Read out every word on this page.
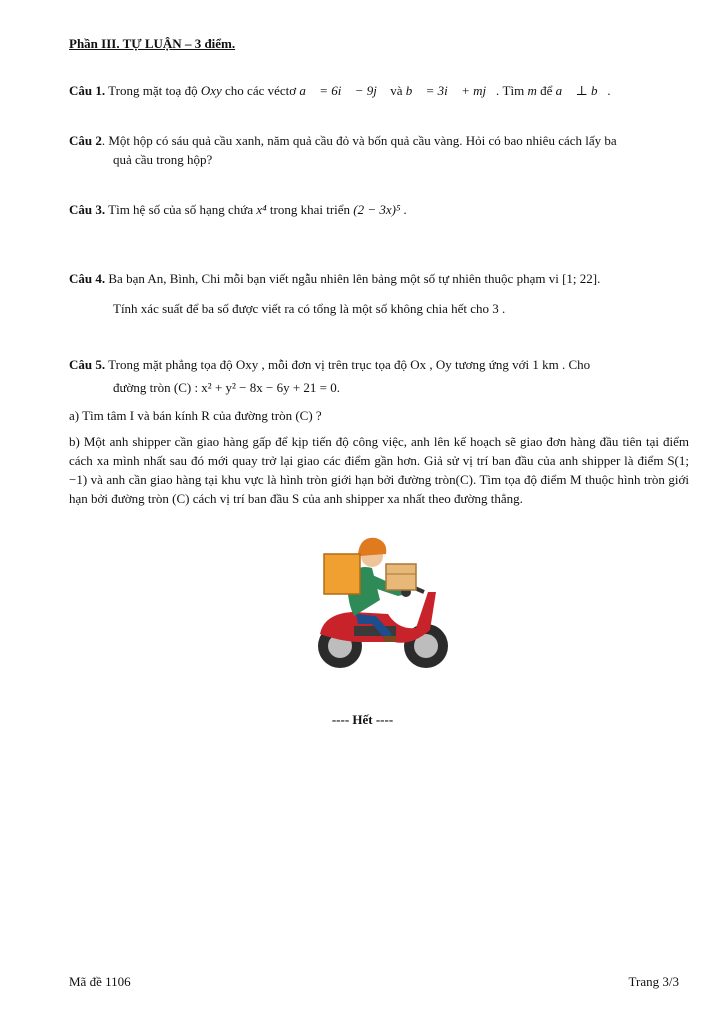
Phần III. TỰ LUẬN – 3 điểm.
Câu 1. Trong mặt toạ độ Oxy cho các véctơ a⃗ = 6i⃗ − 9j⃗ và b⃗ = 3i⃗ + mj⃗. Tìm m để a⃗ ⊥ b⃗.
Câu 2. Một hộp có sáu quả cầu xanh, năm quả cầu đỏ và bốn quả cầu vàng. Hỏi có bao nhiêu cách lấy ba
quả cầu trong hộp?
Câu 3. Tìm hệ số của số hạng chứa x⁴ trong khai triển (2 − 3x)⁵ .
Câu 4. Ba bạn An, Bình, Chi mỗi bạn viết ngẫu nhiên lên bảng một số tự nhiên thuộc phạm vi [1; 22].
Tính xác suất để ba số được viết ra có tổng là một số không chia hết cho 3 .
Câu 5. Trong mặt phẳng tọa độ Oxy , mỗi đơn vị trên trục tọa độ Ox , Oy tương ứng với 1 km . Cho
đường tròn (C) : x² + y² − 8x − 6y + 21 = 0.
a) Tìm tâm I và bán kính R của đường tròn (C) ?
b) Một anh shipper cần giao hàng gấp để kịp tiến độ công việc, anh lên kế hoạch sẽ giao đơn hàng đầu tiên tại điểm cách xa mình nhất sau đó mới quay trở lại giao các điểm gần hơn. Giả sử vị trí ban đầu của anh shipper là điểm S(1; −1) và anh cần giao hàng tại khu vực là hình tròn giới hạn bởi đường tròn(C). Tìm tọa độ điểm M thuộc hình tròn giới hạn bởi đường tròn (C) cách vị trí ban đầu S của anh shipper xa nhất theo đường thẳng.
---- Hết ----
Mã đề 1106	Trang 3/3
